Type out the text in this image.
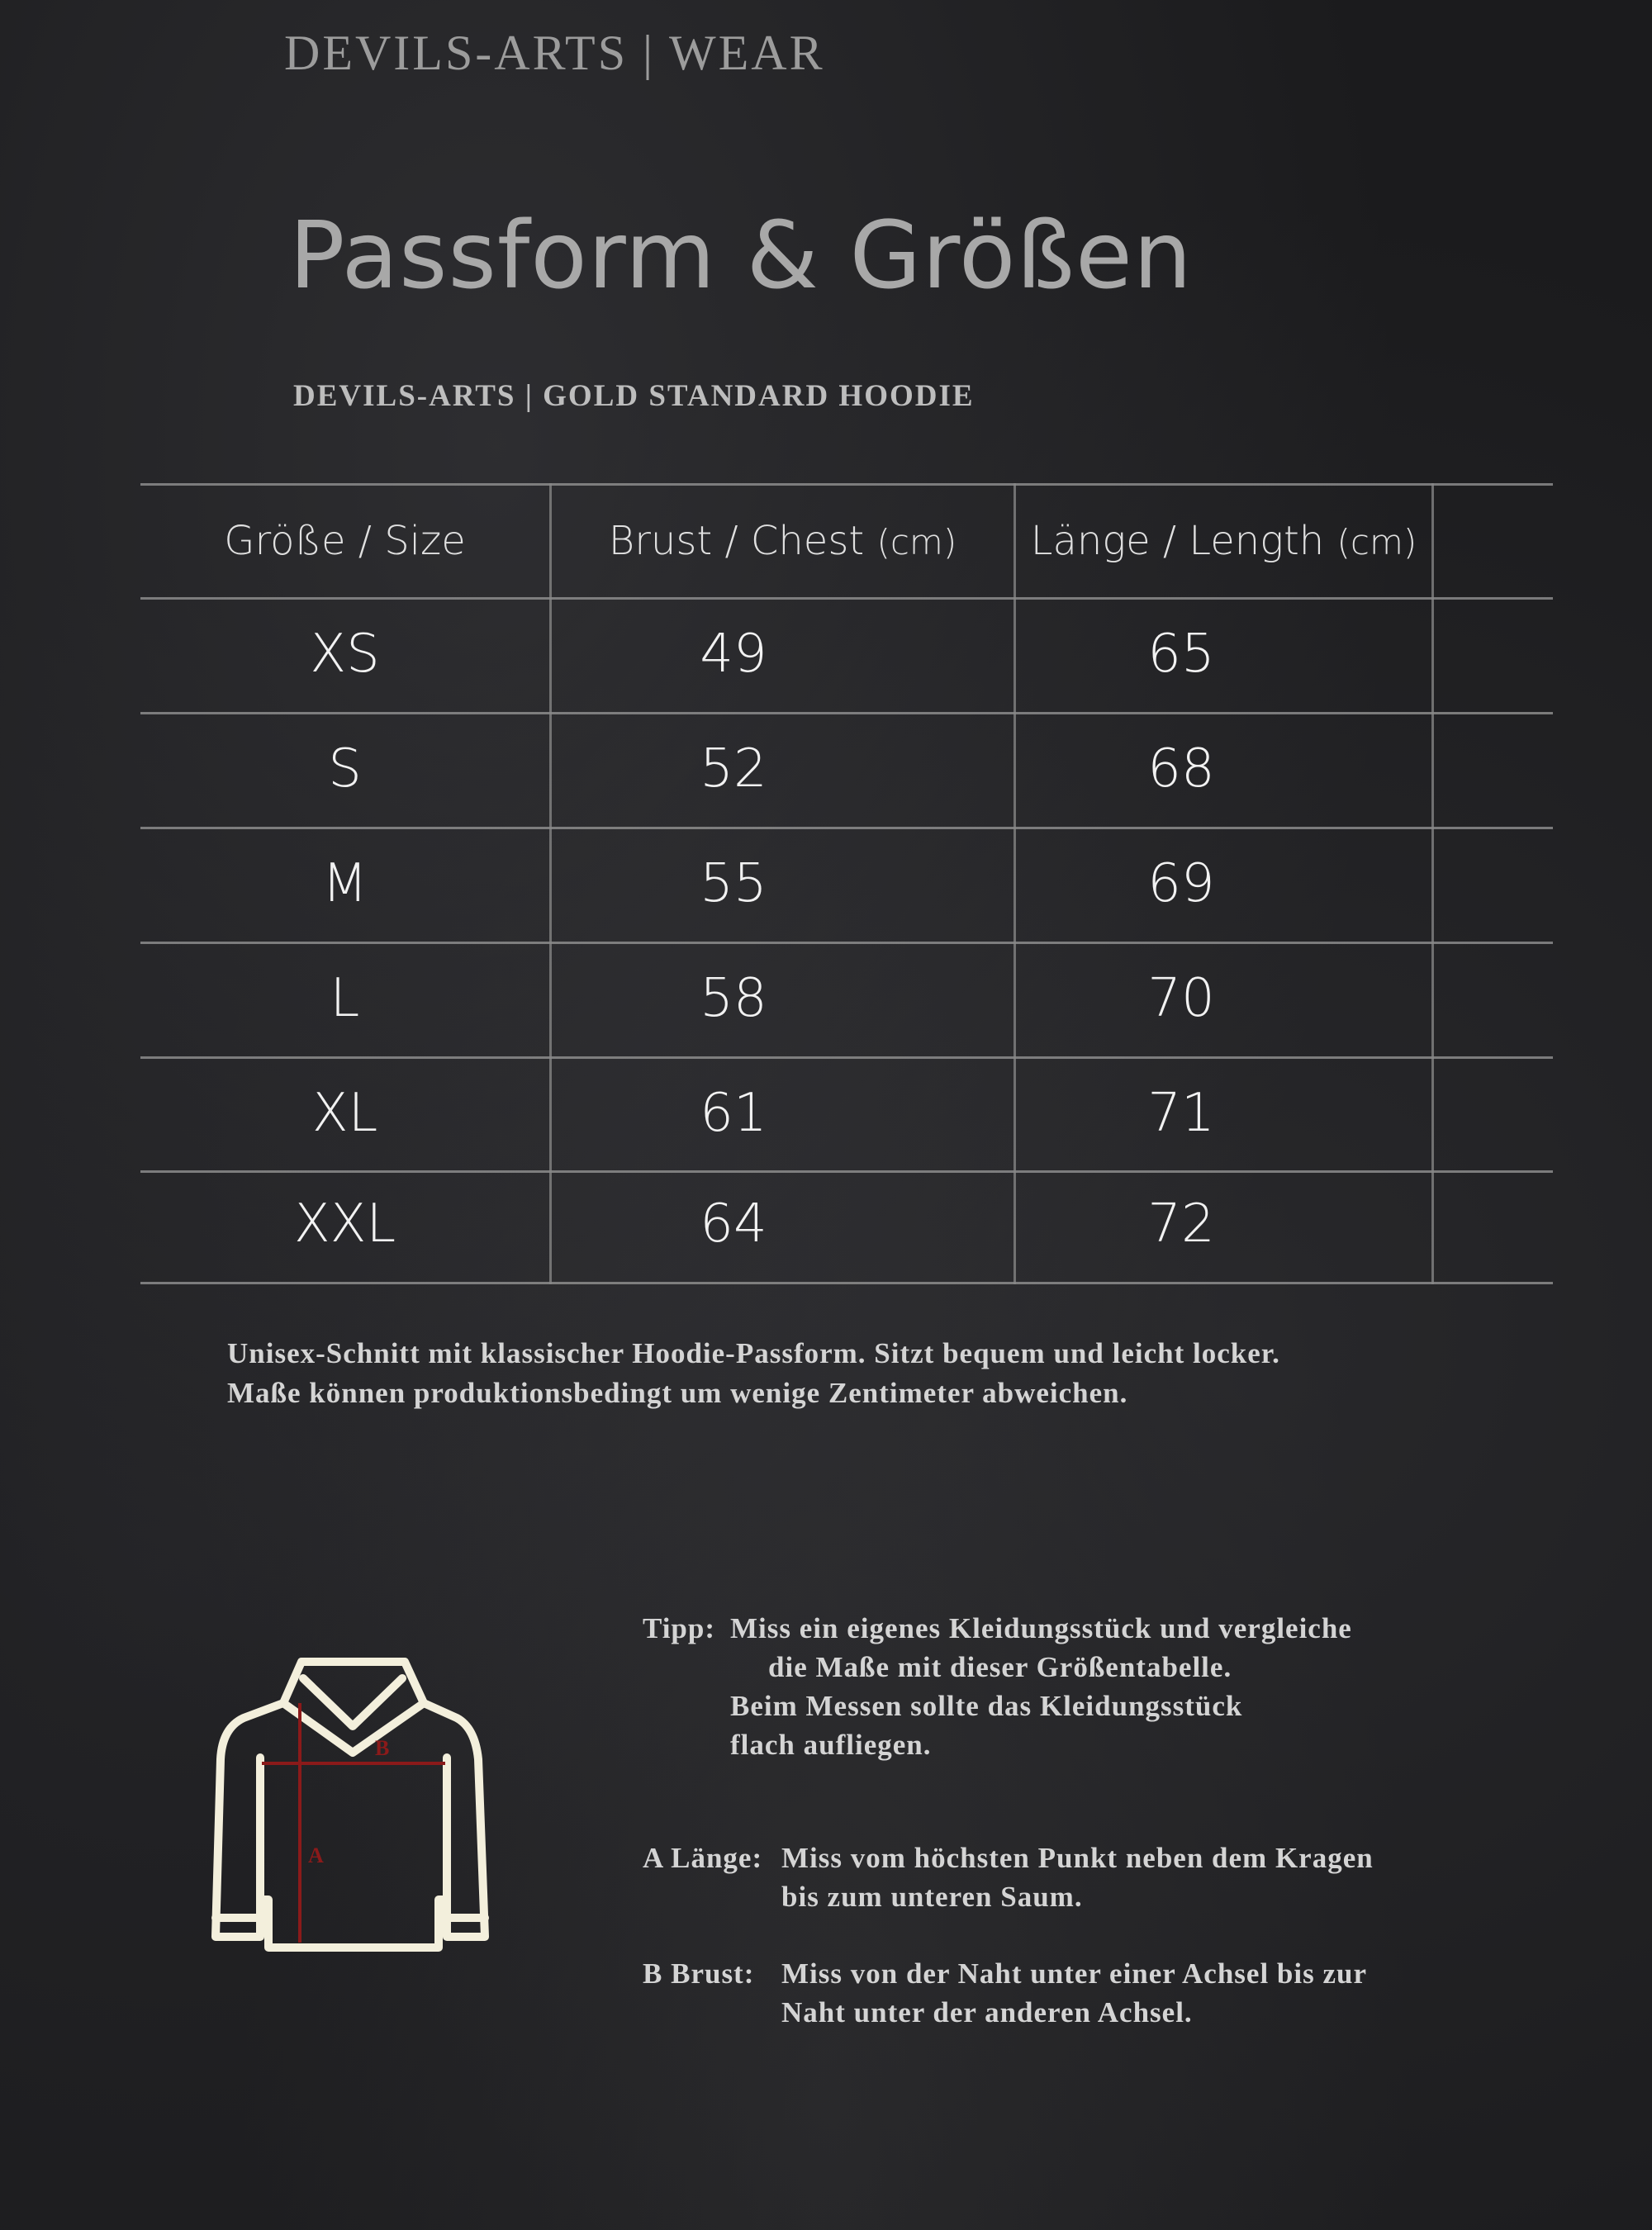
DEVILS-ARTS | WEAR
Passform & Größen
DEVILS-ARTS | GOLD STANDARD HOODIE
Größe / Size	Brust / Chest (cm)	Länge / Length (cm)
XS	49	65
S	52	68
M	55	69
L	58	70
XL	61	71
XXL	64	72
Unisex-Schnitt mit klassischer Hoodie-Passform. Sitzt bequem und leicht locker.
Maße können produktionsbedingt um wenige Zentimeter abweichen.
B
A
Tipp: Miss ein eigenes Kleidungsstück und vergleiche
die Maße mit dieser Größentabelle.
Beim Messen sollte das Kleidungsstück
flach aufliegen.
A Länge: Miss vom höchsten Punkt neben dem Kragen
bis zum unteren Saum.
B Brust: Miss von der Naht unter einer Achsel bis zur
Naht unter der anderen Achsel.
